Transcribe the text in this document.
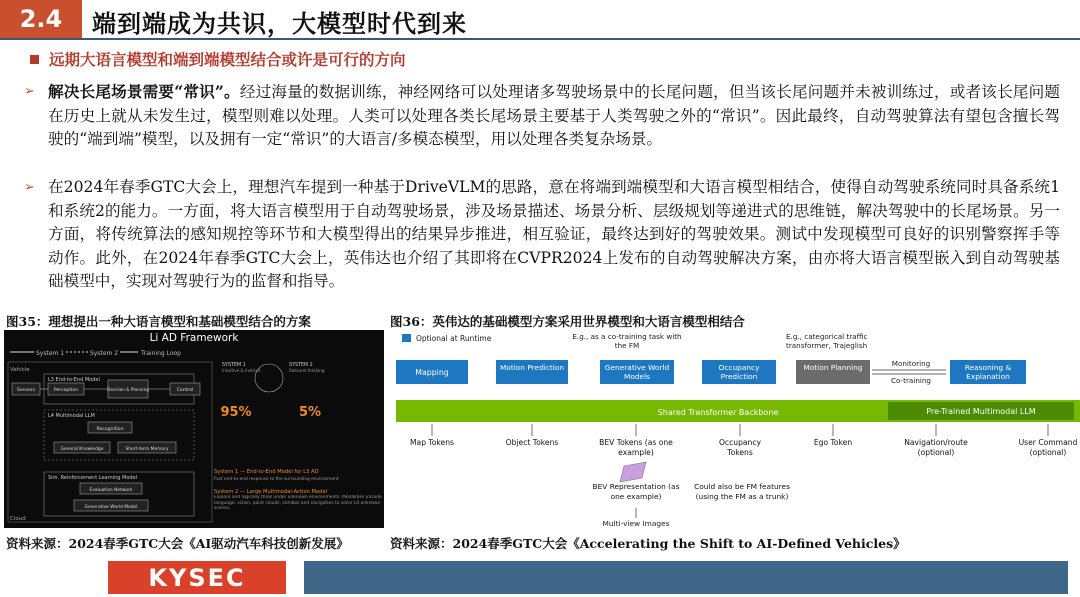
2.4	端到端成为共识，大模型时代到来
远期大语言模型和端到端模型结合或许是可行的方向
➢ 解决长尾场景需要“常识”。经过海量的数据训练，神经网络可以处理诸多驾驶场景中的长尾问题，但当该长尾问题并未被训练过，或者该长尾问题在历史上就从未发生过，模型则难以处理。人类可以处理各类长尾场景主要基于人类驾驶之外的“常识”。因此最终，自动驾驶算法有望包含擅长驾驶的“端到端”模型，以及拥有一定“常识”的大语言/多模态模型，用以处理各类复杂场景。
➢ 在2024年春季GTC大会上，理想汽车提到一种基于DriveVLM的思路，意在将端到端模型和大语言模型相结合，使得自动驾驶系统同时具备系统1和系统2的能力。一方面，将大语言模型用于自动驾驶场景，涉及场景描述、场景分析、层级规划等递进式的思维链，解决驾驶中的长尾场景。另一方面，将传统算法的感知规控等环节和大模型得出的结果异步推进，相互验证，最终达到好的驾驶效果。测试中发现模型可良好的识别警察挥手等动作。此外，在2024年春季GTC大会上，英伟达也介绍了其即将在CVPR2024上发布的自动驾驶解决方案，由亦将大语言模型嵌入到自动驾驶基础模型中，实现对驾驶行为的监督和指导。
图35：理想提出一种大语言模型和基础模型结合的方案	图36：英伟达的基础模型方案采用世界模型和大语言模型相结合
Li AD Framework
System 1	System 2	Training Loop
Vehicle
Cloud
L3 End-to-End Model
Sensors	Perception	Decision & Planning	Control
L4 Multimodal LLM
Recognition
General Knowledge	Short-term Memory
Sim. Reinforcement Learning Model
Evaluation Network
Generative World Model
SYSTEM 1
Intuitive & instinct
95%
SYSTEM 2
Rational thinking
5%
System 1 — End-to-End Model for L3 AD
Fast end-to-end response to the surrounding environment
System 2 — Large Multimodal-Action Model
Explore and logically think under unknown environments. Modalities include language, vision, point clouds, combos and navigation to solve L4 unknown scenes.
Optional at Runtime	E.g., as a co-training task with the FM
E.g., categorical traffic transformer, Trajeglish
Mapping
Motion Prediction	Generative World Models
Occupancy Prediction
Motion Planning	Monitoring
Co-training
Reasoning & Explanation
Shared Transformer Backbone	Pre-Trained Multimodal LLM
Map Tokens	Object Tokens	BEV Tokens (as one example)
Occupancy Tokens
Ego Token	Navigation/route (optional)
User Command (optional)
BEV Representation (as one example)
Could also be FM features (using the FM as a trunk)
Multi-view Images
资料来源：2024春季GTC大会《AI驱动汽车科技创新发展》	资料来源：2024春季GTC大会《Accelerating the Shift to AI-Defined Vehicles》
KYSEC
